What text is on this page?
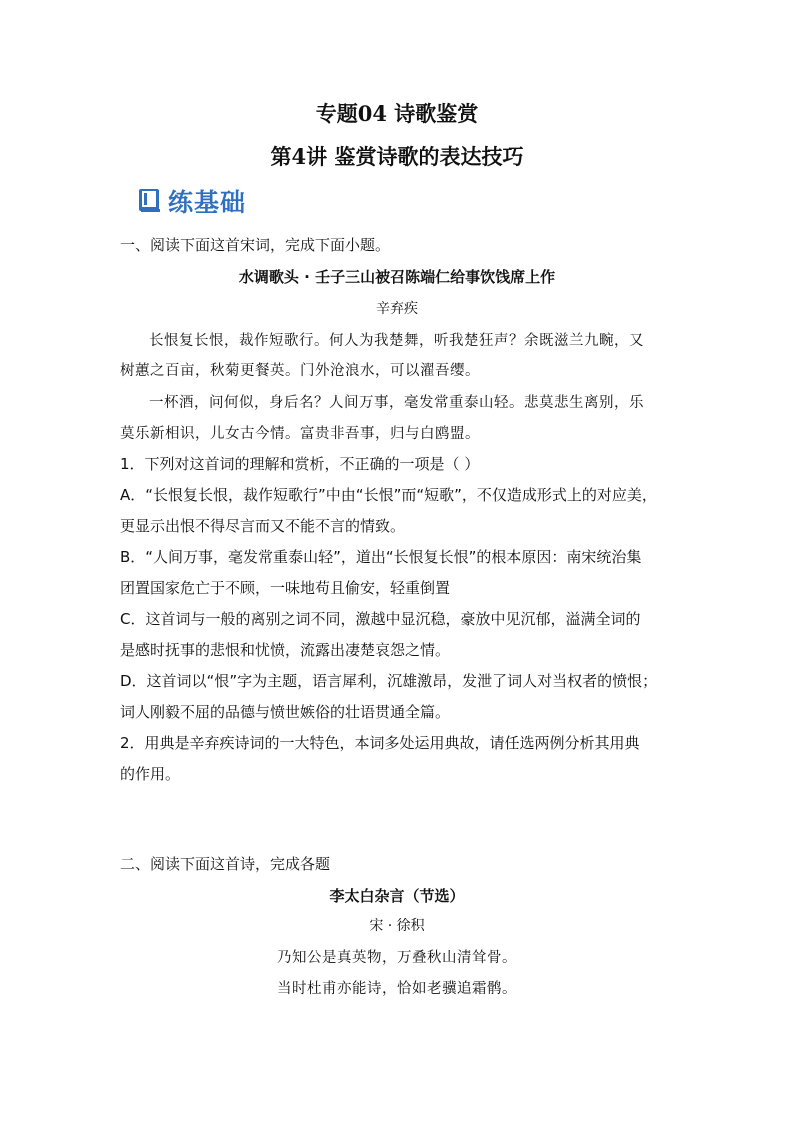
专题04 诗歌鉴赏
第4讲 鉴赏诗歌的表达技巧
练基础
一、阅读下面这首宋词，完成下面小题。
水调歌头 · 壬子三山被召陈端仁给事饮饯席上作
辛弃疾
长恨复长恨，裁作短歌行。何人为我楚舞，听我楚狂声？余既滋兰九畹，又
树蕙之百亩，秋菊更餐英。门外沧浪水，可以濯吾缨。
一杯酒，问何似，身后名？人间万事，毫发常重泰山轻。悲莫悲生离别，乐
莫乐新相识，儿女古今情。富贵非吾事，归与白鸥盟。
1．下列对这首词的理解和赏析，不正确的一项是（ ）
A．“长恨复长恨，裁作短歌行”中由“长恨”而“短歌”，不仅造成形式上的对应美，
更显示出恨不得尽言而又不能不言的情致。
B．“人间万事，毫发常重泰山轻”，道出“长恨复长恨”的根本原因：南宋统治集
团置国家危亡于不顾，一味地苟且偷安，轻重倒置
C．这首词与一般的离别之词不同，激越中显沉稳，豪放中见沉郁，溢满全词的
是感时抚事的悲恨和忧愤，流露出凄楚哀怨之情。
D．这首词以“恨”字为主题，语言犀利，沉雄激昂，发泄了词人对当权者的愤恨；
词人刚毅不屈的品德与愤世嫉俗的壮语贯通全篇。
2．用典是辛弃疾诗词的一大特色，本词多处运用典故，请任选两例分析其用典
的作用。
二、阅读下面这首诗，完成各题
李太白杂言（节选）
宋 · 徐积
乃知公是真英物，万叠秋山清耸骨。
当时杜甫亦能诗，恰如老骥追霜鹘。
